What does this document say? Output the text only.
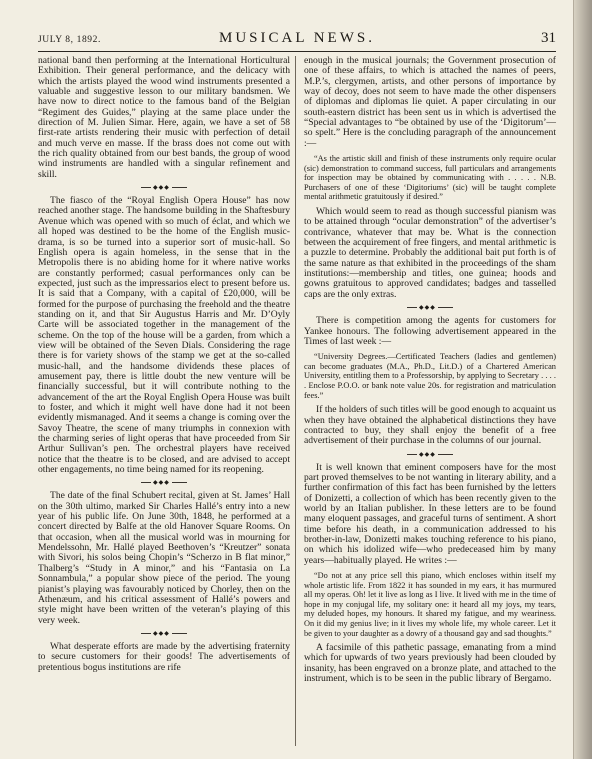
JULY 8, 1892.	MUSICAL NEWS.	31

national band then performing at the International Horticultural Exhibition. Their general performance, and the delicacy with which the artists played the wood wind instruments presented a valuable and suggestive lesson to our military bandsmen. We have now to direct notice to the famous band of the Belgian “Regiment des Guides,” playing at the same place under the direction of M. Julien Simar. Here, again, we have a set of 58 first-rate artists rendering their music with perfection of detail and much verve en masse. If the brass does not come out with the rich quality obtained from our best bands, the group of wood wind instruments are handled with a singular refinement and skill.

◆◆◆

The fiasco of the “Royal English Opera House” has now reached another stage. The handsome building in the Shaftesbury Avenue which was opened with so much of éclat, and which we all hoped was destined to be the home of the English music-drama, is so be turned into a superior sort of music-hall. So English opera is again homeless, in the sense that in the Metropolis there is no abiding home for it where native works are constantly performed; casual performances only can be expected, just such as the impressarios elect to present before us. It is said that a Company, with a capital of £20,000, will be formed for the purpose of purchasing the freehold and the theatre standing on it, and that Sir Augustus Harris and Mr. D’Oyly Carte will be associated together in the management of the scheme. On the top of the house will be a garden, from which a view will be obtained of the Seven Dials. Considering the rage there is for variety shows of the stamp we get at the so-called music-hall, and the handsome dividends these places of amusement pay, there is little doubt the new venture will be financially successful, but it will contribute nothing to the advancement of the art the Royal English Opera House was built to foster, and which it might well have done had it not been evidently mismanaged. And it seems a change is coming over the Savoy Theatre, the scene of many triumphs in connexion with the charming series of light operas that have proceeded from Sir Arthur Sullivan’s pen. The orchestral players have received notice that the theatre is to be closed, and are advised to accept other engagements, no time being named for its reopening.

◆◆◆

The date of the final Schubert recital, given at St. James’ Hall on the 30th ultimo, marked Sir Charles Hallé’s entry into a new year of his public life. On June 30th, 1848, he performed at a concert directed by Balfe at the old Hanover Square Rooms. On that occasion, when all the musical world was in mourning for Mendelssohn, Mr. Hallé played Beethoven’s “Kreutzer” sonata with Sivori, his solos being Chopin’s “Scherzo in B flat minor,” Thalberg’s “Study in A minor,” and his “Fantasia on La Sonnambula,” a popular show piece of the period. The young pianist’s playing was favourably noticed by Chorley, then on the Athenæum, and his critical assessment of Hallé’s powers and style might have been written of the veteran’s playing of this very week.

◆◆◆

What desperate efforts are made by the advertising fraternity to secure customers for their goods! The advertisements of pretentious bogus institutions are rife

enough in the musical journals; the Government prosecution of one of these affairs, to which is attached the names of peers, M.P.’s, clergymen, artists, and other persons of importance by way of decoy, does not seem to have made the other dispensers of diplomas and diplomas lie quiet. A paper circulating in our south-eastern district has been sent us in which is advertised the “Special advantages to “be obtained by use of the ‘Digitorum’—so spelt.” Here is the concluding paragraph of the announcement :—

“As the artistic skill and finish of these instruments only require ocular (sic) demonstration to command success, full particulars and arrangements for inspection may be obtained by communicating with . . . . . N.B. Purchasers of one of these ‘Digitoriums’ (sic) will be taught complete mental arithmetic gratuitously if desired.”

Which would seem to read as though successful pianism was to be attained through “ocular demonstration” of the advertiser’s contrivance, whatever that may be. What is the connection between the acquirement of free fingers, and mental arithmetic is a puzzle to determine. Probably the additional bait put forth is of the same nature as that exhibited in the proceedings of the sham institutions:—membership and titles, one guinea; hoods and gowns gratuitous to approved candidates; badges and tasselled caps are the only extras.

◆◆◆

There is competition among the agents for customers for Yankee honours. The following advertisement appeared in the Times of last week :—

“University Degrees.—Certificated Teachers (ladies and gentlemen) can become graduates (M.A., Ph.D., Lit.D.) of a Chartered American University, entitling them to a Professorship, by applying to Secretary . . . . . Enclose P.O.O. or bank note value 20s. for registration and matriculation fees.”

If the holders of such titles will be good enough to acquaint us when they have obtained the alphabetical distinctions they have contracted to buy, they shall enjoy the benefit of a free advertisement of their purchase in the columns of our journal.

◆◆◆

It is well known that eminent composers have for the most part proved themselves to be not wanting in literary ability, and a further confirmation of this fact has been furnished by the letters of Donizetti, a collection of which has been recently given to the world by an Italian publisher. In these letters are to be found many eloquent passages, and graceful turns of sentiment. A short time before his death, in a communication addressed to his brother-in-law, Donizetti makes touching reference to his piano, on which his idolized wife—who predeceased him by many years—habitually played. He writes :—

“Do not at any price sell this piano, which encloses within itself my whole artistic life. From 1822 it has sounded in my ears, it has murmured all my operas. Oh! let it live as long as I live. It lived with me in the time of hope in my conjugal life, my solitary one: it heard all my joys, my tears, my deluded hopes, my honours. It shared my fatigue, and my weariness. On it did my genius live; in it lives my whole life, my whole career. Let it be given to your daughter as a dowry of a thousand gay and sad thoughts.”

A facsimile of this pathetic passage, emanating from a mind which for upwards of two years previously had been clouded by insanity, has been engraved on a bronze plate, and attached to the instrument, which is to be seen in the public library of Bergamo.
